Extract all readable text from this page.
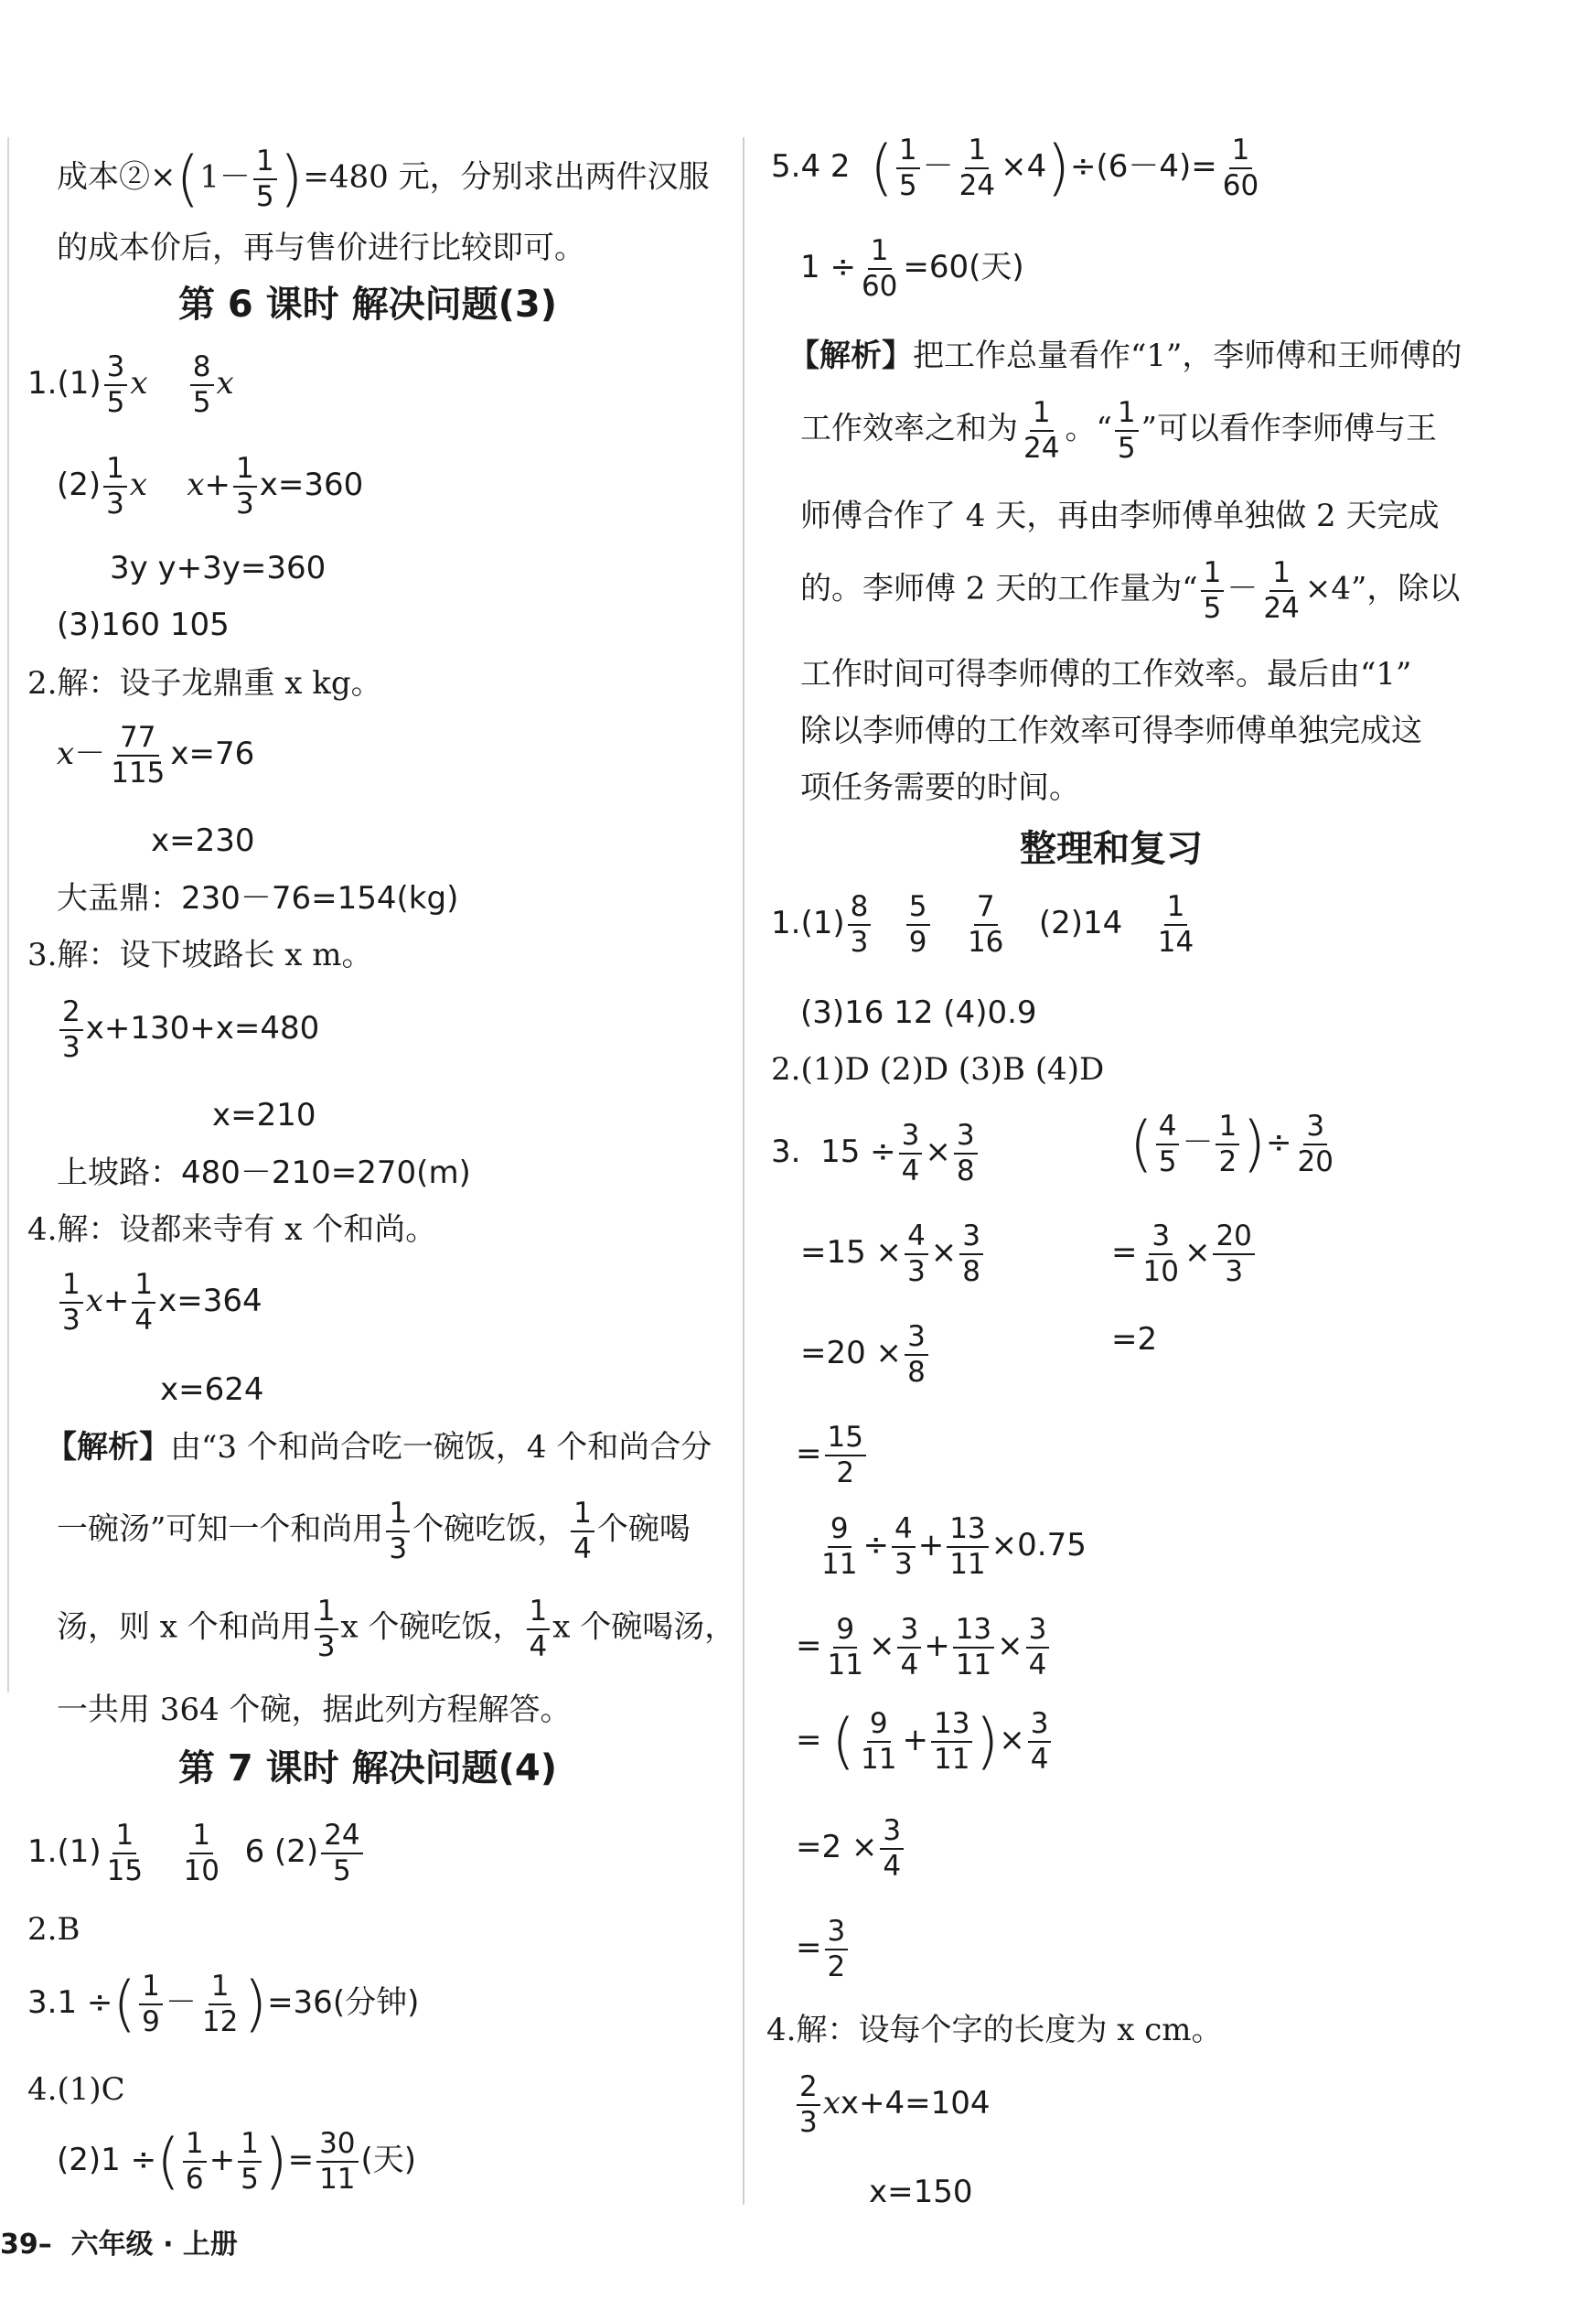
成本②×(1－ $\frac{1}{5} )=480$ 元，分别求出两件汉服
的成本价后，再与售价进行比较即可。
第 6 课时 解决问题(3)
$1.(1) \frac{3}{5}$ x $\frac{8}{5}$ x
$(2) \frac{1}{3}$ x $x+ \frac{1}{3} x=360$
3y y+3y=360
(3)160 105
2.解：设子龙鼎重 x kg。
$x- \frac{77}{115} x=76$
x=230
大盂鼎：230－76=154(kg)
3.解：设下坡路长 x m。
$\frac{2}{3} x+130+x=480$
x=210
上坡路：480－210=270(m)
4.解：设都来寺有 x 个和尚。
$\frac{1}{3} x+ \frac{1}{4} x=364$
x=624
【解析】由“3 个和尚合吃一碗饭，4 个和尚合分
一碗汤”可知一个和尚用 $\frac{1}{3}$ 个碗吃饭， $\frac{1}{4}$ 个碗喝
汤，则 x 个和尚用 $\frac{1}{3}$ x 个碗吃饭， $\frac{1}{4}$ x 个碗喝汤，
一共用 364 个碗，据此列方程解答。
第 7 课时 解决问题(4)
$1.(1) \frac{1}{15}$
$\frac{1}{10} 6$ $(2) \frac{24}{5}$
2.B
3.1 ÷( $\frac{1}{9} - \frac{1}{12} )=36$(分钟)
4.(1)C
(2)1 ÷( $\frac{1}{6} + \frac{1}{5}$ )= $\frac{30}{11}$ (天)
5.4 2 ( $\frac{1}{5} - \frac{1}{24} \times 4)\div(6-4)= \frac{1}{60}$
$1 \div \frac{1}{60} =60$(天)
【解析】把工作总量看作“1”，李师傅和王师傅的
工作效率之和为 $\frac{1}{24}$ 。“ $\frac{1}{5}$ ”可以看作李师傅与王
师傅合作了 4 天，再由李师傅单独做 2 天完成
的。李师傅 2 天的工作量为“ $\frac{1}{5} - \frac{1}{24} \times 4$”，除以
工作时间可得李师傅的工作效率。最后由“1”
除以李师傅的工作效率可得李师傅单独完成这
项任务需要的时间。
整理和复习
$1.(1) \frac{8}{3}$
$\frac{5}{9}$
$\frac{7}{16} (2)14 \frac{1}{14}$
(3)16 12 (4)0.9
2.(1)D (2)D (3)B (4)D
3. $15 \div \frac{3}{4} \times \frac{3}{8}$	( $\frac{4}{5} - \frac{1}{2}$ )÷ $\frac{3}{20}$
$=15 \times \frac{4}{3} \times \frac{3}{8}$	= $\frac{3}{10} \times \frac{20}{3}$
$=20 \times \frac{3}{8}$	=2
= $\frac{15}{2}$
$\frac{9}{11} \div \frac{4}{3} + \frac{13}{11} \times 0.75$
= $\frac{9}{11} \times \frac{3}{4} + \frac{13}{11} \times \frac{3}{4}$
= ( $\frac{9}{11} + \frac{13}{11}$ )× $\frac{3}{4}$
$=2 \times \frac{3}{4}$
= $\frac{3}{2}$
4.解：设每个字的长度为 x cm。
$\frac{2}{3} xx+4=104$
x=150
39– 六年级 · 上册
